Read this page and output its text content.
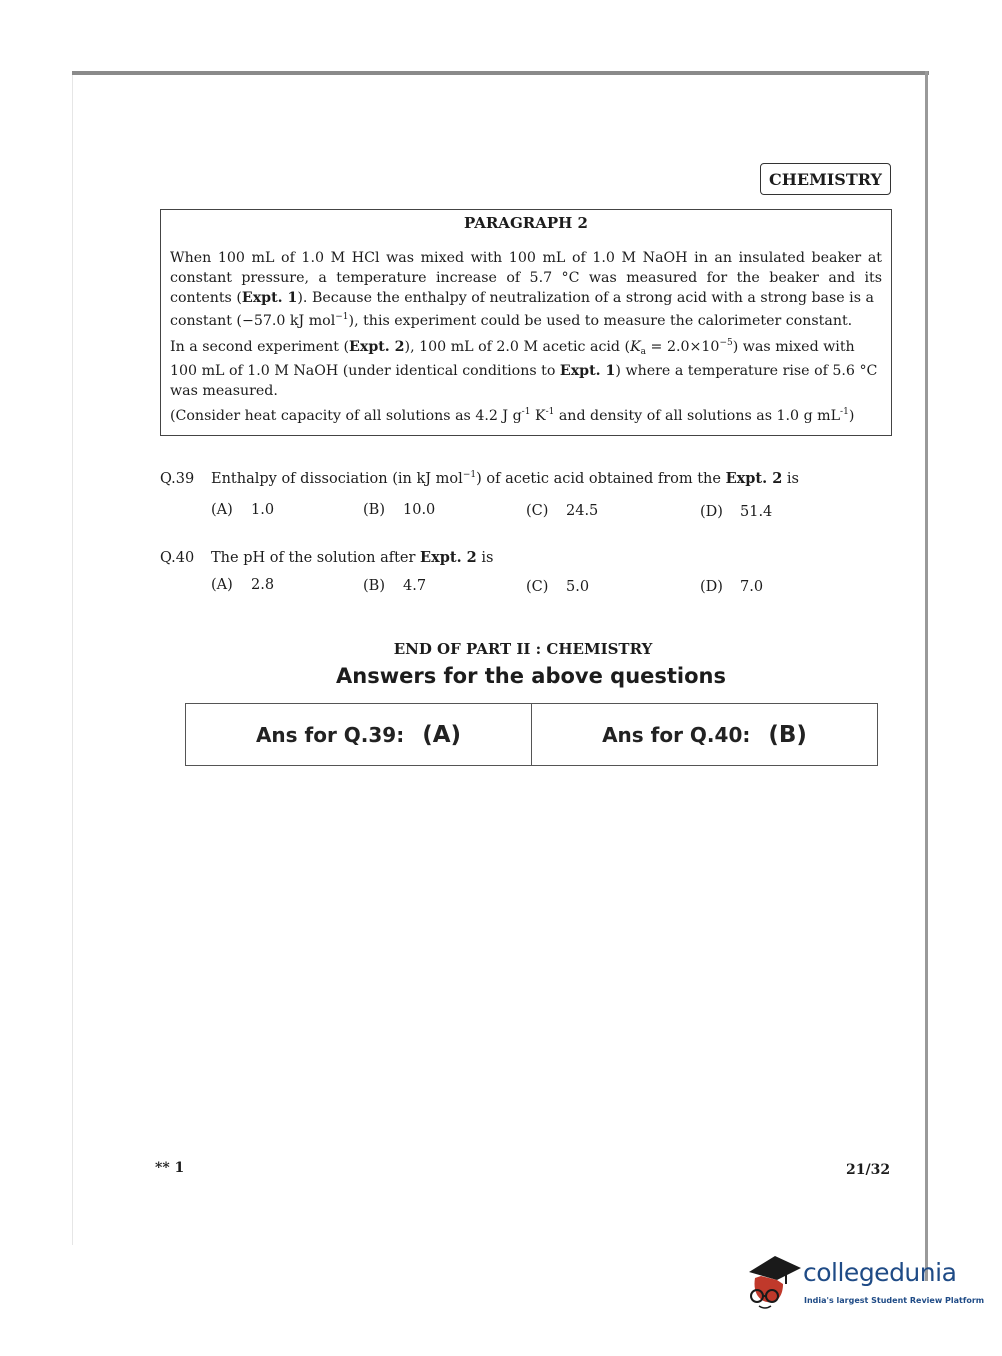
CHEMISTRY
PARAGRAPH 2
When 100 mL of 1.0 M HCl was mixed with 100 mL of 1.0 M NaOH in an insulated beaker at
constant pressure, a temperature increase of 5.7 °C was measured for the beaker and its
contents (Expt. 1). Because the enthalpy of neutralization of a strong acid with a strong base is a
constant (−57.0 kJ mol$^{-1}$), this experiment could be used to measure the calorimeter constant.
In a second experiment (Expt. 2), 100 mL of 2.0 M acetic acid $(K_a = 2.0\times 10^{-5})$ was mixed with
100 mL of 1.0 M NaOH (under identical conditions to Expt. 1) where a temperature rise of 5.6 °C
was measured.
(Consider heat capacity of all solutions as 4.2 J $g^{-1}$ $K^{-1}$ and density of all solutions as 1.0 g $mL^{-1}$)
Q.39 Enthalpy of dissociation (in kJ mol$^{-1}$) of acetic acid obtained from the Expt. 2 is
(A) 1.0	(B) 10.0	(C) 24.5	(D) 51.4
Q.40 The pH of the solution after Expt. 2 is
(A) 2.8	(B) 4.7	(C) 5.0	(D) 7.0
END OF PART II : CHEMISTRY
Answers for the above questions
Ans for Q.39: (A)	Ans for Q.40: (B)
** 1	21/32
collegedunia
India's largest Student Review Platform
